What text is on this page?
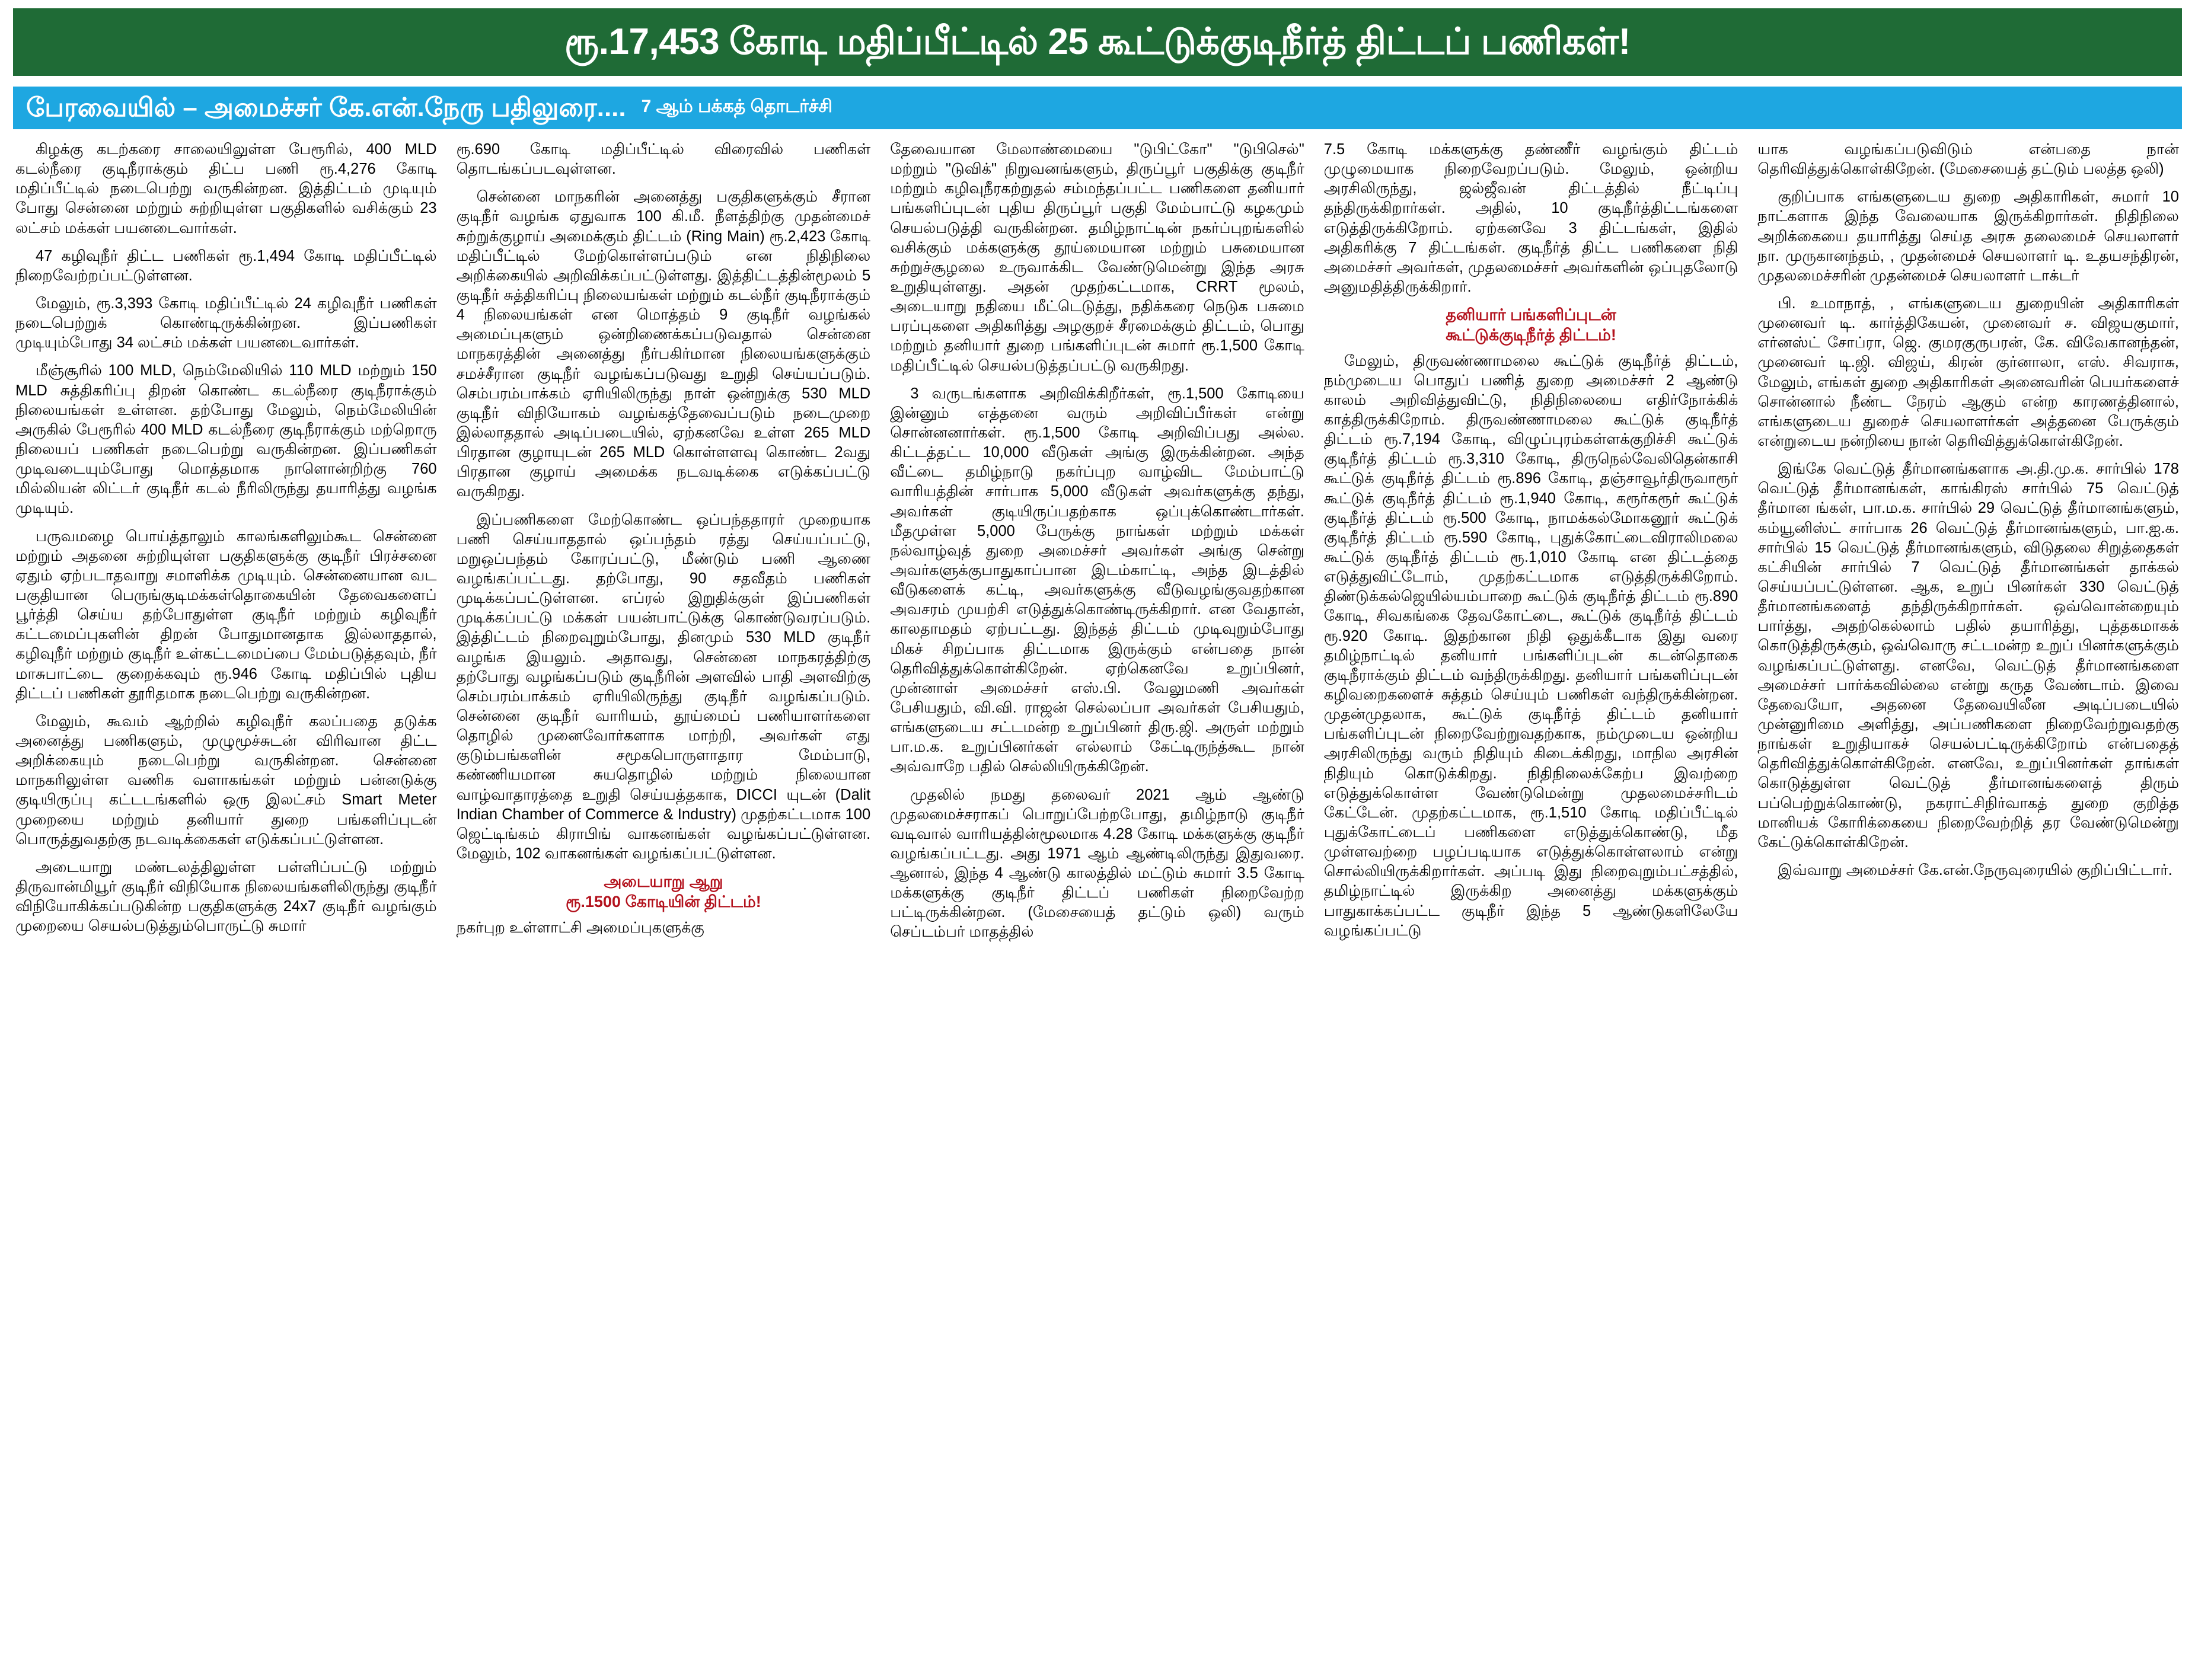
ரூ.17,453 கோடி மதிப்பீட்டில் 25 கூட்டுக்குடிநீர்த் திட்டப் பணிகள்!
பேரவையில் – அமைச்சர் கே.என்.நேரு பதிலுரை.... 7 ஆம் பக்கத் தொடர்ச்சி

கிழக்கு கடற்கரை சாலையிலுள்ள பேரூரில், 400 MLD கடல்நீரை குடிநீராக்கும் திட்ப பணி ரூ.4,276 கோடி மதிப்பீட்டில் நடைபெற்று வருகின்றன. இத்திட்டம் முடியும் போது சென்னை மற்றும் சுற்றியுள்ள பகுதிகளில் வசிக்கும் 23 லட்சம் மக்கள் பயனடைவார்கள்.

47 கழிவுநீர் திட்ட பணிகள் ரூ.1,494 கோடி மதிப்பீட்டில் நிறைவேற்றப்பட்டுள்ளன.

மேலும், ரூ.3,393 கோடி மதிப்பீட்டில் 24 கழிவுநீர் பணிகள் நடைபெற்றுக் கொண்டிருக்கின்றன. இப்பணிகள் முடியும்போது 34 லட்சம் மக்கள் பயனடைவார்கள்.

மீஞ்சூரில் 100 MLD, நெம்மேலியில் 110 MLD மற்றும் 150 MLD சுத்திகரிப்பு திறன் கொண்ட கடல்நீரை குடிநீராக்கும் நிலையங்கள் உள்ளன. தற்போது மேலும், நெம்மேலியின் அருகில் பேரூரில் 400 MLD கடல்நீரை குடிநீராக்கும் மற்றொரு நிலையப் பணிகள் நடைபெற்று வருகின்றன. இப்பணிகள் முடிவடையும்போது மொத்தமாக நாளொன்றிற்கு 760 மில்லியன் லிட்டர் குடிநீர் கடல் நீரிலிருந்து தயாரித்து வழங்க முடியும்.

பருவமழை பொய்த்தாலும் காலங்களிலும்கூட சென்னை மற்றும் அதனை சுற்றியுள்ள பகுதிகளுக்கு குடிநீர் பிரச்சனை ஏதும் ஏற்படாதவாறு சமாளிக்க முடியும். சென்னையான வட பகுதியான பெருங்குடிமக்கள்தொகையின் தேவைகளைப் பூர்த்தி செய்ய தற்போதுள்ள குடிநீர் மற்றும் கழிவுநீர் கட்டமைப்புகளின் திறன் போதுமானதாக இல்லாததால், கழிவுநீர் மற்றும் குடிநீர் உள்கட்டமைப்பை மேம்படுத்தவும், நீர் மாசுபாட்டை குறைக்கவும் ரூ.946 கோடி மதிப்பில் புதிய திட்டப் பணிகள் தூரிதமாக நடைபெற்று வருகின்றன.

மேலும், கூவம் ஆற்றில் கழிவுநீர் கலப்பதை தடுக்க அனைத்து பணிகளும், முழுமூச்சுடன் விரிவான திட்ட அறிக்கையும் நடைபெற்று வருகின்றன. சென்னை மாநகரிலுள்ள வணிக வளாகங்கள் மற்றும் பன்னடுக்கு குடியிருப்பு கட்டடங்களில் ஒரு இலட்சம் Smart Meter முறையை மற்றும் தனியார் துறை பங்களிப்புடன் பொருத்துவதற்கு நடவடிக்கைகள் எடுக்கப்பட்டுள்ளன.

அடையாறு மண்டலத்திலுள்ள பள்ளிப்பட்டு மற்றும் திருவான்மியூர் குடிநீர் விநியோக நிலையங்களிலிருந்து குடிநீர் விநியோகிக்கப்படுகின்ற பகுதிகளுக்கு 24x7 குடிநீர் வழங்கும் முறையை செயல்படுத்தும்பொருட்டு சுமார்

ரூ.690 கோடி மதிப்பீட்டில் விரைவில் பணிகள் தொடங்கப்படவுள்ளன.

சென்னை மாநகரின் அனைத்து பகுதிகளுக்கும் சீரான குடிநீர் வழங்க ஏதுவாக 100 கி.மீ. நீளத்திற்கு முதன்மைச் சுற்றுக்குழாய் அமைக்கும் திட்டம் (Ring Main) ரூ.2,423 கோடி மதிப்பீட்டில் மேற்கொள்ளப்படும் என நிதிநிலை அறிக்கையில் அறிவிக்கப்பட்டுள்ளது. இத்திட்டத்தின்மூலம் 5 குடிநீர் சுத்திகரிப்பு நிலையங்கள் மற்றும் கடல்நீர் குடிநீராக்கும் 4 நிலையங்கள் என மொத்தம் 9 குடிநீர் வழங்கல் அமைப்புகளும் ஒன்றிணைக்கப்படுவதால் சென்னை மாநகரத்தின் அனைத்து நீர்பகிர்மான நிலையங்களுக்கும் சமச்சீரான குடிநீர் வழங்கப்படுவது உறுதி செய்யப்படும். செம்பரம்பாக்கம் ஏரியிலிருந்து நாள் ஒன்றுக்கு 530 MLD குடிநீர் விநியோகம் வழங்கத்தேவைப்படும் நடைமுறை இல்லாததால் அடிப்படையில், ஏற்கனவே உள்ள 265 MLD பிரதான குழாயுடன் 265 MLD கொள்ளளவு கொண்ட 2வது பிரதான குழாய் அமைக்க நடவடிக்கை எடுக்கப்பட்டு வருகிறது.

இப்பணிகளை மேற்கொண்ட ஒப்பந்ததாரர் முறையாக பணி செய்யாததால் ஒப்பந்தம் ரத்து செய்யப்பட்டு, மறுஒப்பந்தம் கோரப்பட்டு, மீண்டும் பணி ஆணை வழங்கப்பட்டது. தற்போது, 90 சதவீதம் பணிகள் முடிக்கப்பட்டுள்ளன. எப்ரல் இறுதிக்குள் இப்பணிகள் முடிக்கப்பட்டு மக்கள் பயன்பாட்டுக்கு கொண்டுவரப்படும். இத்திட்டம் நிறைவுறும்போது, தினமும் 530 MLD குடிநீர் வழங்க இயலும். அதாவது, சென்னை மாநகரத்திற்கு தற்போது வழங்கப்படும் குடிநீரின் அளவில் பாதி அளவிற்கு செம்பரம்பாக்கம் ஏரியிலிருந்து குடிநீர் வழங்கப்படும். சென்னை குடிநீர் வாரியம், தூய்மைப் பணியாளர்களை தொழில் முனைவோர்களாக மாற்றி, அவர்கள் எது குடும்பங்களின் சமூகபொருளாதார மேம்பாடு, கண்ணியமான சுயதொழில் மற்றும் நிலையான வாழ்வாதாரத்தை உறுதி செய்யத்தகாக, DICCI யுடன் (Dalit Indian Chamber of Commerce & Industry) முதற்கட்டமாக 100 ஜெட்டிங்கம் கிராபிங் வாகனங்கள் வழங்கப்பட்டுள்ளன. மேலும், 102 வாகனங்கள் வழங்கப்பட்டுள்ளன.

அடையாறு ஆறு
ரூ.1500 கோடியின் திட்டம்!

நகர்புற உள்ளாட்சி அமைப்புகளுக்கு

தேவையான மேலாண்மையை "டுபிட்கோ" "டுபிசெல்" மற்றும் "டுவிக்" நிறுவனங்களும், திருப்பூர் பகுதிக்கு குடிநீர் மற்றும் கழிவுநீரகற்றுதல் சம்மந்தப்பட்ட பணிகளை தனியார் பங்களிப்புடன் புதிய திருப்பூர் பகுதி மேம்பாட்டு கழகமும் செயல்படுத்தி வருகின்றன. தமிழ்நாட்டின் நகர்ப்புறங்களில் வசிக்கும் மக்களுக்கு தூய்மையான மற்றும் பசுமையான சுற்றுச்சூழலை உருவாக்கிட வேண்டுமென்று இந்த அரசு உறுதியுள்ளது. அதன் முதற்கட்டமாக, CRRT மூலம், அடையாறு நதியை மீட்டெடுத்து, நதிக்கரை நெடுக பசுமை பரப்புகளை அதிகரித்து அழகுறச் சீரமைக்கும் திட்டம், பொது மற்றும் தனியார் துறை பங்களிப்புடன் சுமார் ரூ.1,500 கோடி மதிப்பீட்டில் செயல்படுத்தப்பட்டு வருகிறது.

3 வருடங்களாக அறிவிக்கிறீர்கள், ரூ.1,500 கோடியை இன்னும் எத்தனை வரும் அறிவிப்பீர்கள் என்று சொன்னனார்கள். ரூ.1,500 கோடி அறிவிப்பது அல்ல. கிட்டத்தட்ட 10,000 வீடுகள் அங்கு இருக்கின்றன. அந்த வீட்டை தமிழ்நாடு நகர்ப்புற வாழ்விட மேம்பாட்டு வாரியத்தின் சார்பாக 5,000 வீடுகள் அவர்களுக்கு தந்து, அவர்கள் குடியிருப்பதற்காக ஒப்புக்கொண்டார்கள். மீதமுள்ள 5,000 பேருக்கு நாங்கள் மற்றும் மக்கள் நல்வாழ்வுத் துறை அமைச்சர் அவர்கள் அங்கு சென்று அவர்களுக்குபாதுகாப்பான இடம்காட்டி, அந்த இடத்தில் வீடுகளைக் கட்டி, அவர்களுக்கு வீடுவழங்குவதற்கான அவசரம் முயற்சி எடுத்துக்கொண்டிருக்கிறார். என வேதான், காலதாமதம் ஏற்பட்டது. இந்தத் திட்டம் முடிவுறும்போது மிகச் சிறப்பாக திட்டமாக இருக்கும் என்பதை நான் தெரிவித்துக்கொள்கிறேன். ஏற்கெனவே உறுப்பினர், முன்னாள் அமைச்சர் எஸ்.பி. வேலுமணி அவர்கள் பேசியதும், வி.வி. ராஜன் செல்லப்பா அவர்கள் பேசியதும், எங்களுடைய சட்டமன்ற உறுப்பினர் திரு.ஜி. அருள் மற்றும் பா.ம.க. உறுப்பினர்கள் எல்லாம் கேட்டிருந்த்கூட நான் அவ்வாறே பதில் செல்லியிருக்கிறேன்.

முதலில் நமது தலைவர் 2021 ஆம் ஆண்டு முதலமைச்சராகப் பொறுப்பேற்றபோது, தமிழ்நாடு குடிநீர் வடிவால் வாரியத்தின்மூலமாக 4.28 கோடி மக்களுக்கு குடிநீர் வழங்கப்பட்டது. அது 1971 ஆம் ஆண்டிலிருந்து இதுவரை. ஆனால், இந்த 4 ஆண்டு காலத்தில் மட்டும் சுமார் 3.5 கோடி மக்களுக்கு குடிநீர் திட்டப் பணிகள் நிறைவேற்ற பட்டிருக்கின்றன. (மேசையைத் தட்டும் ஒலி) வரும் செப்டம்பர் மாதத்தில்

7.5 கோடி மக்களுக்கு தண்ணீர் வழங்கும் திட்டம் முழுமையாக நிறைவேறப்படும். மேலும், ஒன்றிய அரசிலிருந்து, ஜல்ஜீவன் திட்டத்தில் நீட்டிப்பு தந்திருக்கிறார்கள். அதில், 10 குடிநீர்த்திட்டங்களை எடுத்திருக்கிறோம். ஏற்கனவே 3 திட்டங்கள், இதில் அதிகரிக்கு 7 திட்டங்கள். குடிநீர்த் திட்ட பணிகளை நிதி அமைச்சர் அவர்கள், முதலமைச்சர் அவர்களின் ஒப்புதலோடு அனுமதித்திருக்கிறார்.

தனியார் பங்களிப்புடன்
கூட்டுக்குடிநீர்த் திட்டம்!

மேலும், திருவண்ணாமலை கூட்டுக் குடிநீர்த் திட்டம், நம்முடைய பொதுப் பணித் துறை அமைச்சர் 2 ஆண்டு காலம் அறிவித்துவிட்டு, நிதிநிலையை எதிர்நோக்கிக் காத்திருக்கிறோம். திருவண்ணாமலை கூட்டுக் குடிநீர்த் திட்டம் ரூ.7,194 கோடி, விழுப்புரம்கள்ளக்குறிச்சி கூட்டுக் குடிநீர்த் திட்டம் ரூ.3,310 கோடி, திருநெல்வேலிதென்காசி கூட்டுக் குடிநீர்த் திட்டம் ரூ.896 கோடி, தஞ்சாவூர்திருவாரூர் கூட்டுக் குடிநீர்த் திட்டம் ரூ.1,940 கோடி, கரூர்கரூர் கூட்டுக் குடிநீர்த் திட்டம் ரூ.500 கோடி, நாமக்கல்மோகனூர் கூட்டுக் குடிநீர்த் திட்டம் ரூ.590 கோடி, புதுக்கோட்டைவிராலிமலை கூட்டுக் குடிநீர்த் திட்டம் ரூ.1,010 கோடி என திட்டத்தை எடுத்துவிட்டோம், முதற்கட்டமாக எடுத்திருக்கிறோம். திண்டுக்கல்ஜெயில்யம்பாறை கூட்டுக் குடிநீர்த் திட்டம் ரூ.890 கோடி, சிவகங்கை தேவகோட்டை, கூட்டுக் குடிநீர்த் திட்டம் ரூ.920 கோடி. இதற்கான நிதி ஒதுக்கீடாக இது வரை தமிழ்நாட்டில் தனியார் பங்களிப்புடன் கடன்தொகை குடிநீராக்கும் திட்டம் வந்திருக்கிறது. தனியார் பங்களிப்புடன் கழிவறைகளைச் சுத்தம் செய்யும் பணிகள் வந்திருக்கின்றன. முதன்முதலாக, கூட்டுக் குடிநீர்த் திட்டம் தனியார் பங்களிப்புடன் நிறைவேற்றுவதற்காக, நம்முடைய ஒன்றிய அரசிலிருந்து வரும் நிதியும் கிடைக்கிறது, மாநில அரசின் நிதியும் கொடுக்கிறது. நிதிநிலைக்கேற்ப இவற்றை எடுத்துக்கொள்ள வேண்டுமென்று முதலமைச்சரிடம் கேட்டேன். முதற்கட்டமாக, ரூ.1,510 கோடி மதிப்பீட்டில் புதுக்கோட்டைப் பணிகளை எடுத்துக்கொண்டு, மீத முள்ளவற்றை பழப்படியாக எடுத்துக்கொள்ளலாம் என்று சொல்லியிருக்கிறார்கள். அப்படி இது நிறைவுறும்பட்சத்தில், தமிழ்நாட்டில் இருக்கிற அனைத்து மக்களுக்கும் பாதுகாக்கப்பட்ட குடிநீர் இந்த 5 ஆண்டுகளிலேயே வழங்கப்பட்டு

யாக வழங்கப்படுவிடும் என்பதை நான் தெரிவித்துக்கொள்கிறேன். (மேசையைத் தட்டும் பலத்த ஒலி)

குறிப்பாக எங்களுடைய துறை அதிகாரிகள், சுமார் 10 நாட்களாக இந்த வேலையாக இருக்கிறார்கள். நிதிநிலை அறிக்கையை தயாரித்து செய்த அரசு தலைமைச் செயலாளர் நா. முருகானந்தம், , முதன்மைச் செயலாளர் டி. உதயசந்திரன், முதலமைச்சரின் முதன்மைச் செயலாளர் டாக்டர்

பி. உமாநாத், , எங்களுடைய துறையின் அதிகாரிகள் முனைவர் டி. கார்த்திகேயன், முனைவர் ச. விஜயகுமார், எர்னஸ்ட் சோப்ரா, ஜெ. குமரகுருபரன், கே. விவேகானந்தன், முனைவர் டி.ஜி. விஜய், கிரன் குர்னாலா, எஸ். சிவராசு, மேலும், எங்கள் துறை அதிகாரிகள் அனைவரின் பெயர்களைச் சொன்னால் நீண்ட நேரம் ஆகும் என்ற காரணத்தினால், எங்களுடைய துறைச் செயலாளர்கள் அத்தனை பேருக்கும் என்றுடைய நன்றியை நான் தெரிவித்துக்கொள்கிறேன்.

இங்கே வெட்டுத் தீர்மானங்களாக அ.தி.மு.க. சார்பில் 178 வெட்டுத் தீர்மானங்கள், காங்கிரஸ் சார்பில் 75 வெட்டுத் தீர்மான ங்கள், பா.ம.க. சார்பில் 29 வெட்டுத் தீர்மானங்களும், கம்யூனிஸ்ட் சார்பாக 26 வெட்டுத் தீர்மானங்களும், பா.ஐ.க. சார்பில் 15 வெட்டுத் தீர்மானங்களும், விடுதலை சிறுத்தைகள் கட்சியின் சார்பில் 7 வெட்டுத் தீர்மானங்கள் தாக்கல் செய்யப்பட்டுள்ளன. ஆக, உறுப் பினர்கள் 330 வெட்டுத் தீர்மானங்களைத் தந்திருக்கிறார்கள். ஒவ்வொன்றையும் பார்த்து, அதற்கெல்லாம் பதில் தயாரித்து, புத்தகமாகக் கொடுத்திருக்கும், ஒவ்வொரு சட்டமன்ற உறுப் பினர்களுக்கும் வழங்கப்பட்டுள்ளது. எனவே, வெட்டுத் தீர்மானங்களை அமைச்சர் பார்க்கவில்லை என்று கருத வேண்டாம். இவை தேவையோ, அதனை தேவையிலீன அடிப்படையில் முன்னுரிமை அளித்து, அப்பணிகளை நிறைவேற்றுவதற்கு நாங்கள் உறுதியாகச் செயல்பட்டிருக்கிறோம் என்பதைத் தெரிவித்துக்கொள்கிறேன். எனவே, உறுப்பினர்கள் தாங்கள் கொடுத்துள்ள வெட்டுத் தீர்மானங்களைத் திரும் பப்பெற்றுக்கொண்டு, நகராட்சிநிர்வாகத் துறை குறித்த மானியக் கோரிக்கையை நிறைவேற்றித் தர வேண்டுமென்று கேட்டுக்கொள்கிறேன்.

இவ்வாறு அமைச்சர் கே.என்.நேருவுரையில் குறிப்பிட்டார்.
